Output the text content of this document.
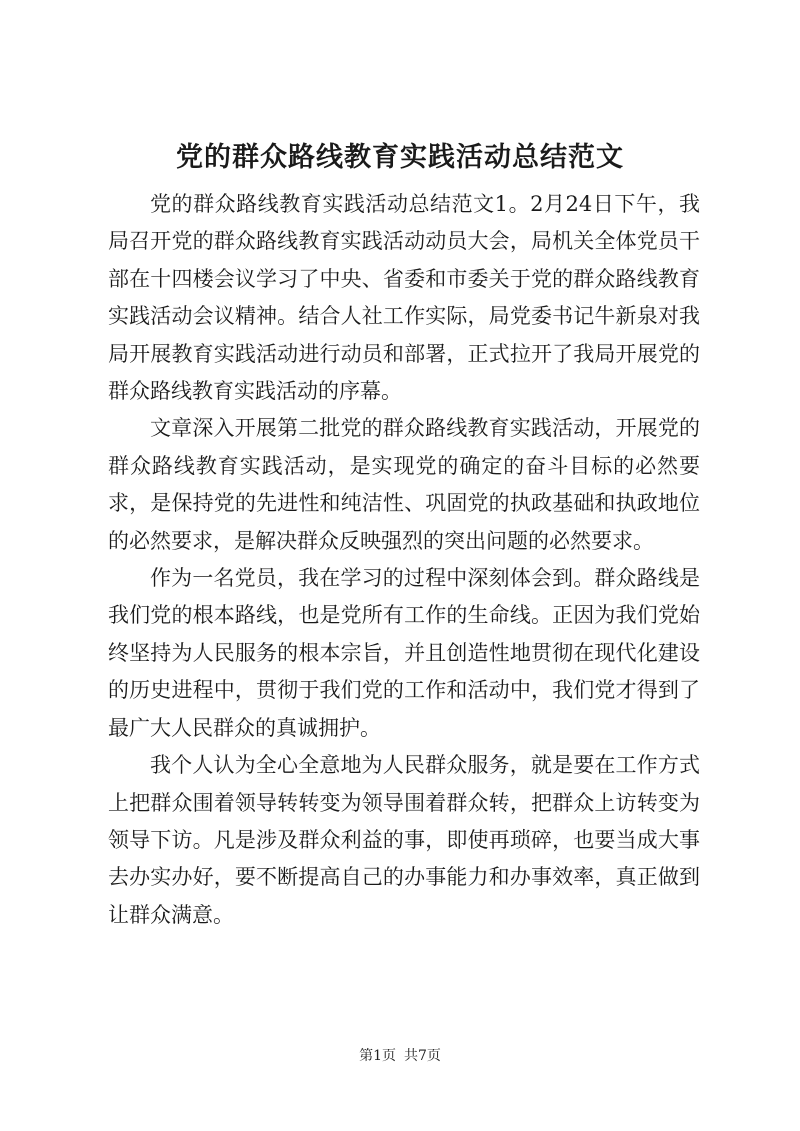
党的群众路线教育实践活动总结范文

党的群众路线教育实践活动总结范文1。2月24日下午，我局召开党的群众路线教育实践活动动员大会，局机关全体党员干部在十四楼会议学习了中央、省委和市委关于党的群众路线教育实践活动会议精神。结合人社工作实际，局党委书记牛新泉对我局开展教育实践活动进行动员和部署，正式拉开了我局开展党的群众路线教育实践活动的序幕。

文章深入开展第二批党的群众路线教育实践活动，开展党的群众路线教育实践活动，是实现党的确定的奋斗目标的必然要求，是保持党的先进性和纯洁性、巩固党的执政基础和执政地位的必然要求，是解决群众反映强烈的突出问题的必然要求。

作为一名党员，我在学习的过程中深刻体会到。群众路线是我们党的根本路线，也是党所有工作的生命线。正因为我们党始终坚持为人民服务的根本宗旨，并且创造性地贯彻在现代化建设的历史进程中，贯彻于我们党的工作和活动中，我们党才得到了最广大人民群众的真诚拥护。

我个人认为全心全意地为人民群众服务，就是要在工作方式上把群众围着领导转转变为领导围着群众转，把群众上访转变为领导下访。凡是涉及群众利益的事，即使再琐碎，也要当成大事去办实办好，要不断提高自己的办事能力和办事效率，真正做到让群众满意。

第1页 共7页
